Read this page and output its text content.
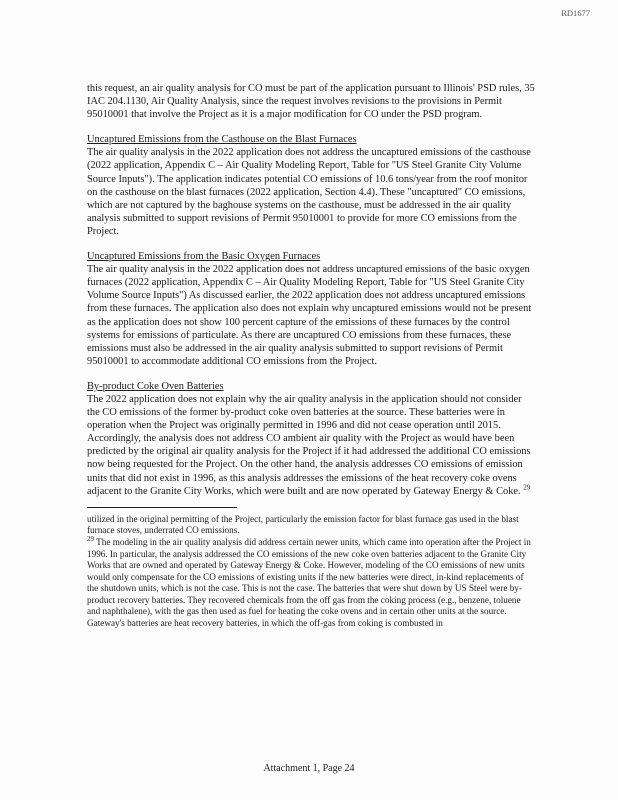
RD1677

this request, an air quality analysis for CO must be part of the application pursuant to Illinois' PSD rules, 35 IAC 204.1130, Air Quality Analysis, since the request involves revisions to the provisions in Permit 95010001 that involve the Project as it is a major modification for CO under the PSD program.

Uncaptured Emissions from the Casthouse on the Blast Furnaces

The air quality analysis in the 2022 application does not address the uncaptured emissions of the casthouse (2022 application, Appendix C – Air Quality Modeling Report, Table for "US Steel Granite City Volume Source Inputs"). The application indicates potential CO emissions of 10.6 tons/year from the roof monitor on the casthouse on the blast furnaces (2022 application, Section 4.4). These "uncaptured" CO emissions, which are not captured by the baghouse systems on the casthouse, must be addressed in the air quality analysis submitted to support revisions of Permit 95010001 to provide for more CO emissions from the Project.

Uncaptured Emissions from the Basic Oxygen Furnaces

The air quality analysis in the 2022 application does not address uncaptured emissions of the basic oxygen furnaces (2022 application, Appendix C – Air Quality Modeling Report, Table for "US Steel Granite City Volume Source Inputs") As discussed earlier, the 2022 application does not address uncaptured emissions from these furnaces. The application also does not explain why uncaptured emissions would not be present as the application does not show 100 percent capture of the emissions of these furnaces by the control systems for emissions of particulate. As there are uncaptured CO emissions from these furnaces, these emissions must also be addressed in the air quality analysis submitted to support revisions of Permit 95010001 to accommodate additional CO emissions from the Project.

By-product Coke Oven Batteries

The 2022 application does not explain why the air quality analysis in the application should not consider the CO emissions of the former by-product coke oven batteries at the source. These batteries were in operation when the Project was originally permitted in 1996 and did not cease operation until 2015. Accordingly, the analysis does not address CO ambient air quality with the Project as would have been predicted by the original air quality analysis for the Project if it had addressed the additional CO emissions now being requested for the Project. On the other hand, the analysis addresses CO emissions of emission units that did not exist in 1996, as this analysis addresses the emissions of the heat recovery coke ovens adjacent to the Granite City Works, which were built and are now operated by Gateway Energy & Coke. $^{29}$

utilized in the original permitting of the Project, particularly the emission factor for blast furnace gas used in the blast furnace stoves, underrated CO emissions.

$^{29}$ The modeling in the air quality analysis did address certain newer units, which came into operation after the Project in 1996. In particular, the analysis addressed the CO emissions of the new coke oven batteries adjacent to the Granite City Works that are owned and operated by Gateway Energy & Coke. However, modeling of the CO emissions of new units would only compensate for the CO emissions of existing units if the new batteries were direct, in-kind replacements of the shutdown units, which is not the case. This is not the case. The batteries that were shut down by US Steel were by-product recovery batteries. They recovered chemicals from the off gas from the coking process (e.g., benzene, toluene and naphthalene), with the gas then used as fuel for heating the coke ovens and in certain other units at the source. Gateway's batteries are heat recovery batteries, in which the off-gas from coking is combusted in

Attachment 1, Page 24
